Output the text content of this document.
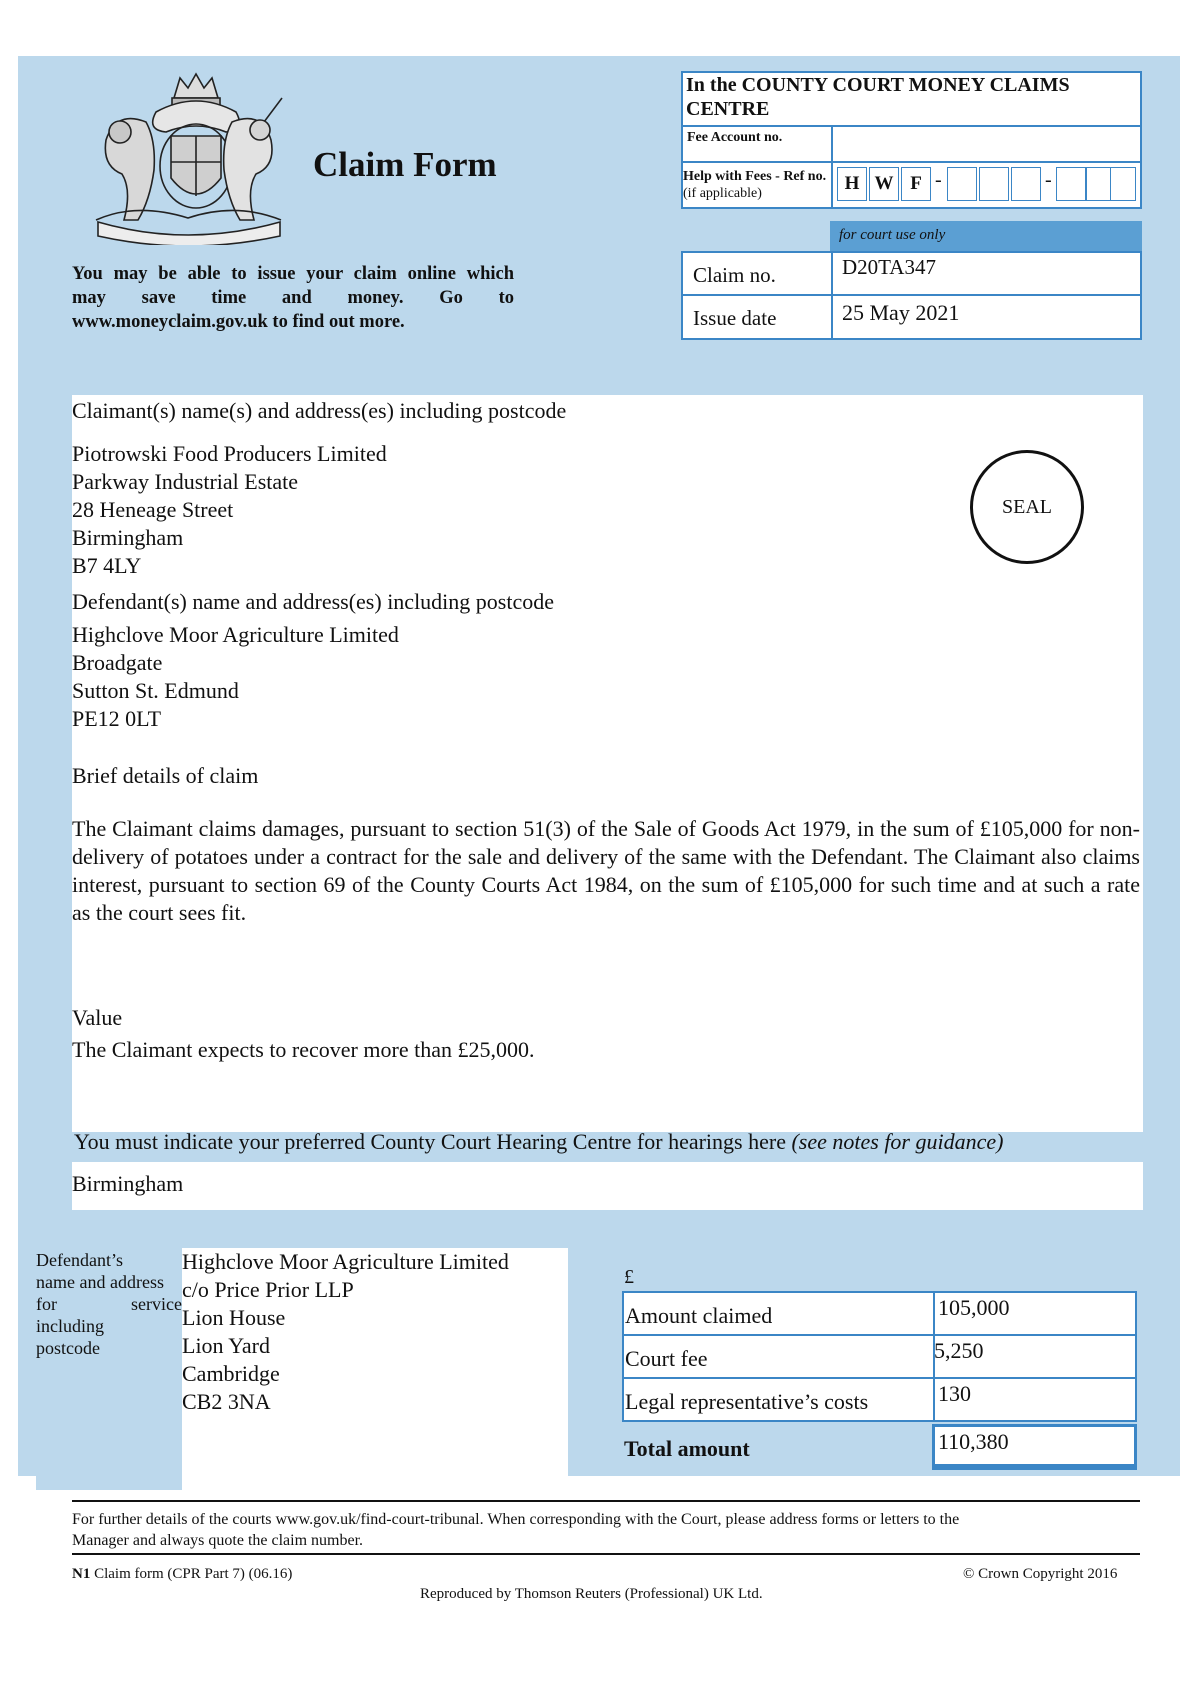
Claim Form
You may be able to issue your claim online which
may save time and money. Go to
www.moneyclaim.gov.uk to find out more.
In the COUNTY COURT MONEY CLAIMS CENTRE
Fee Account no.
Help with Fees - Ref no. (if applicable)	H W F -	-
for court use only
Claim no.	D20TA347
Issue date	25 May 2021
Claimant(s) name(s) and address(es) including postcode
Piotrowski Food Producers Limited
Parkway Industrial Estate
28 Heneage Street
Birmingham
B7 4LY
SEAL
Defendant(s) name and address(es) including postcode
Highclove Moor Agriculture Limited
Broadgate
Sutton St. Edmund
PE12 0LT
Brief details of claim
The Claimant claims damages, pursuant to section 51(3) of the Sale of Goods Act 1979, in the sum of £105,000 for non-delivery of potatoes under a contract for the sale and delivery of the same with the Defendant. The Claimant also claims interest, pursuant to section 69 of the County Courts Act 1984, on the sum of £105,000 for such time and at such a rate as the court sees fit.
Value
The Claimant expects to recover more than £25,000.
You must indicate your preferred County Court Hearing Centre for hearings here (see notes for guidance)
Birmingham
Defendant’s
name and address
for service
including
postcode
Highclove Moor Agriculture Limited
c/o Price Prior LLP
Lion House
Lion Yard
Cambridge
CB2 3NA
£
Amount claimed	105,000
Court fee	5,250
Legal representative’s costs	130
Total amount	110,380
For further details of the courts www.gov.uk/find-court-tribunal. When corresponding with the Court, please address forms or letters to the
Manager and always quote the claim number.
N1 Claim form (CPR Part 7) (06.16)	© Crown Copyright 2016
Reproduced by Thomson Reuters (Professional) UK Ltd.
